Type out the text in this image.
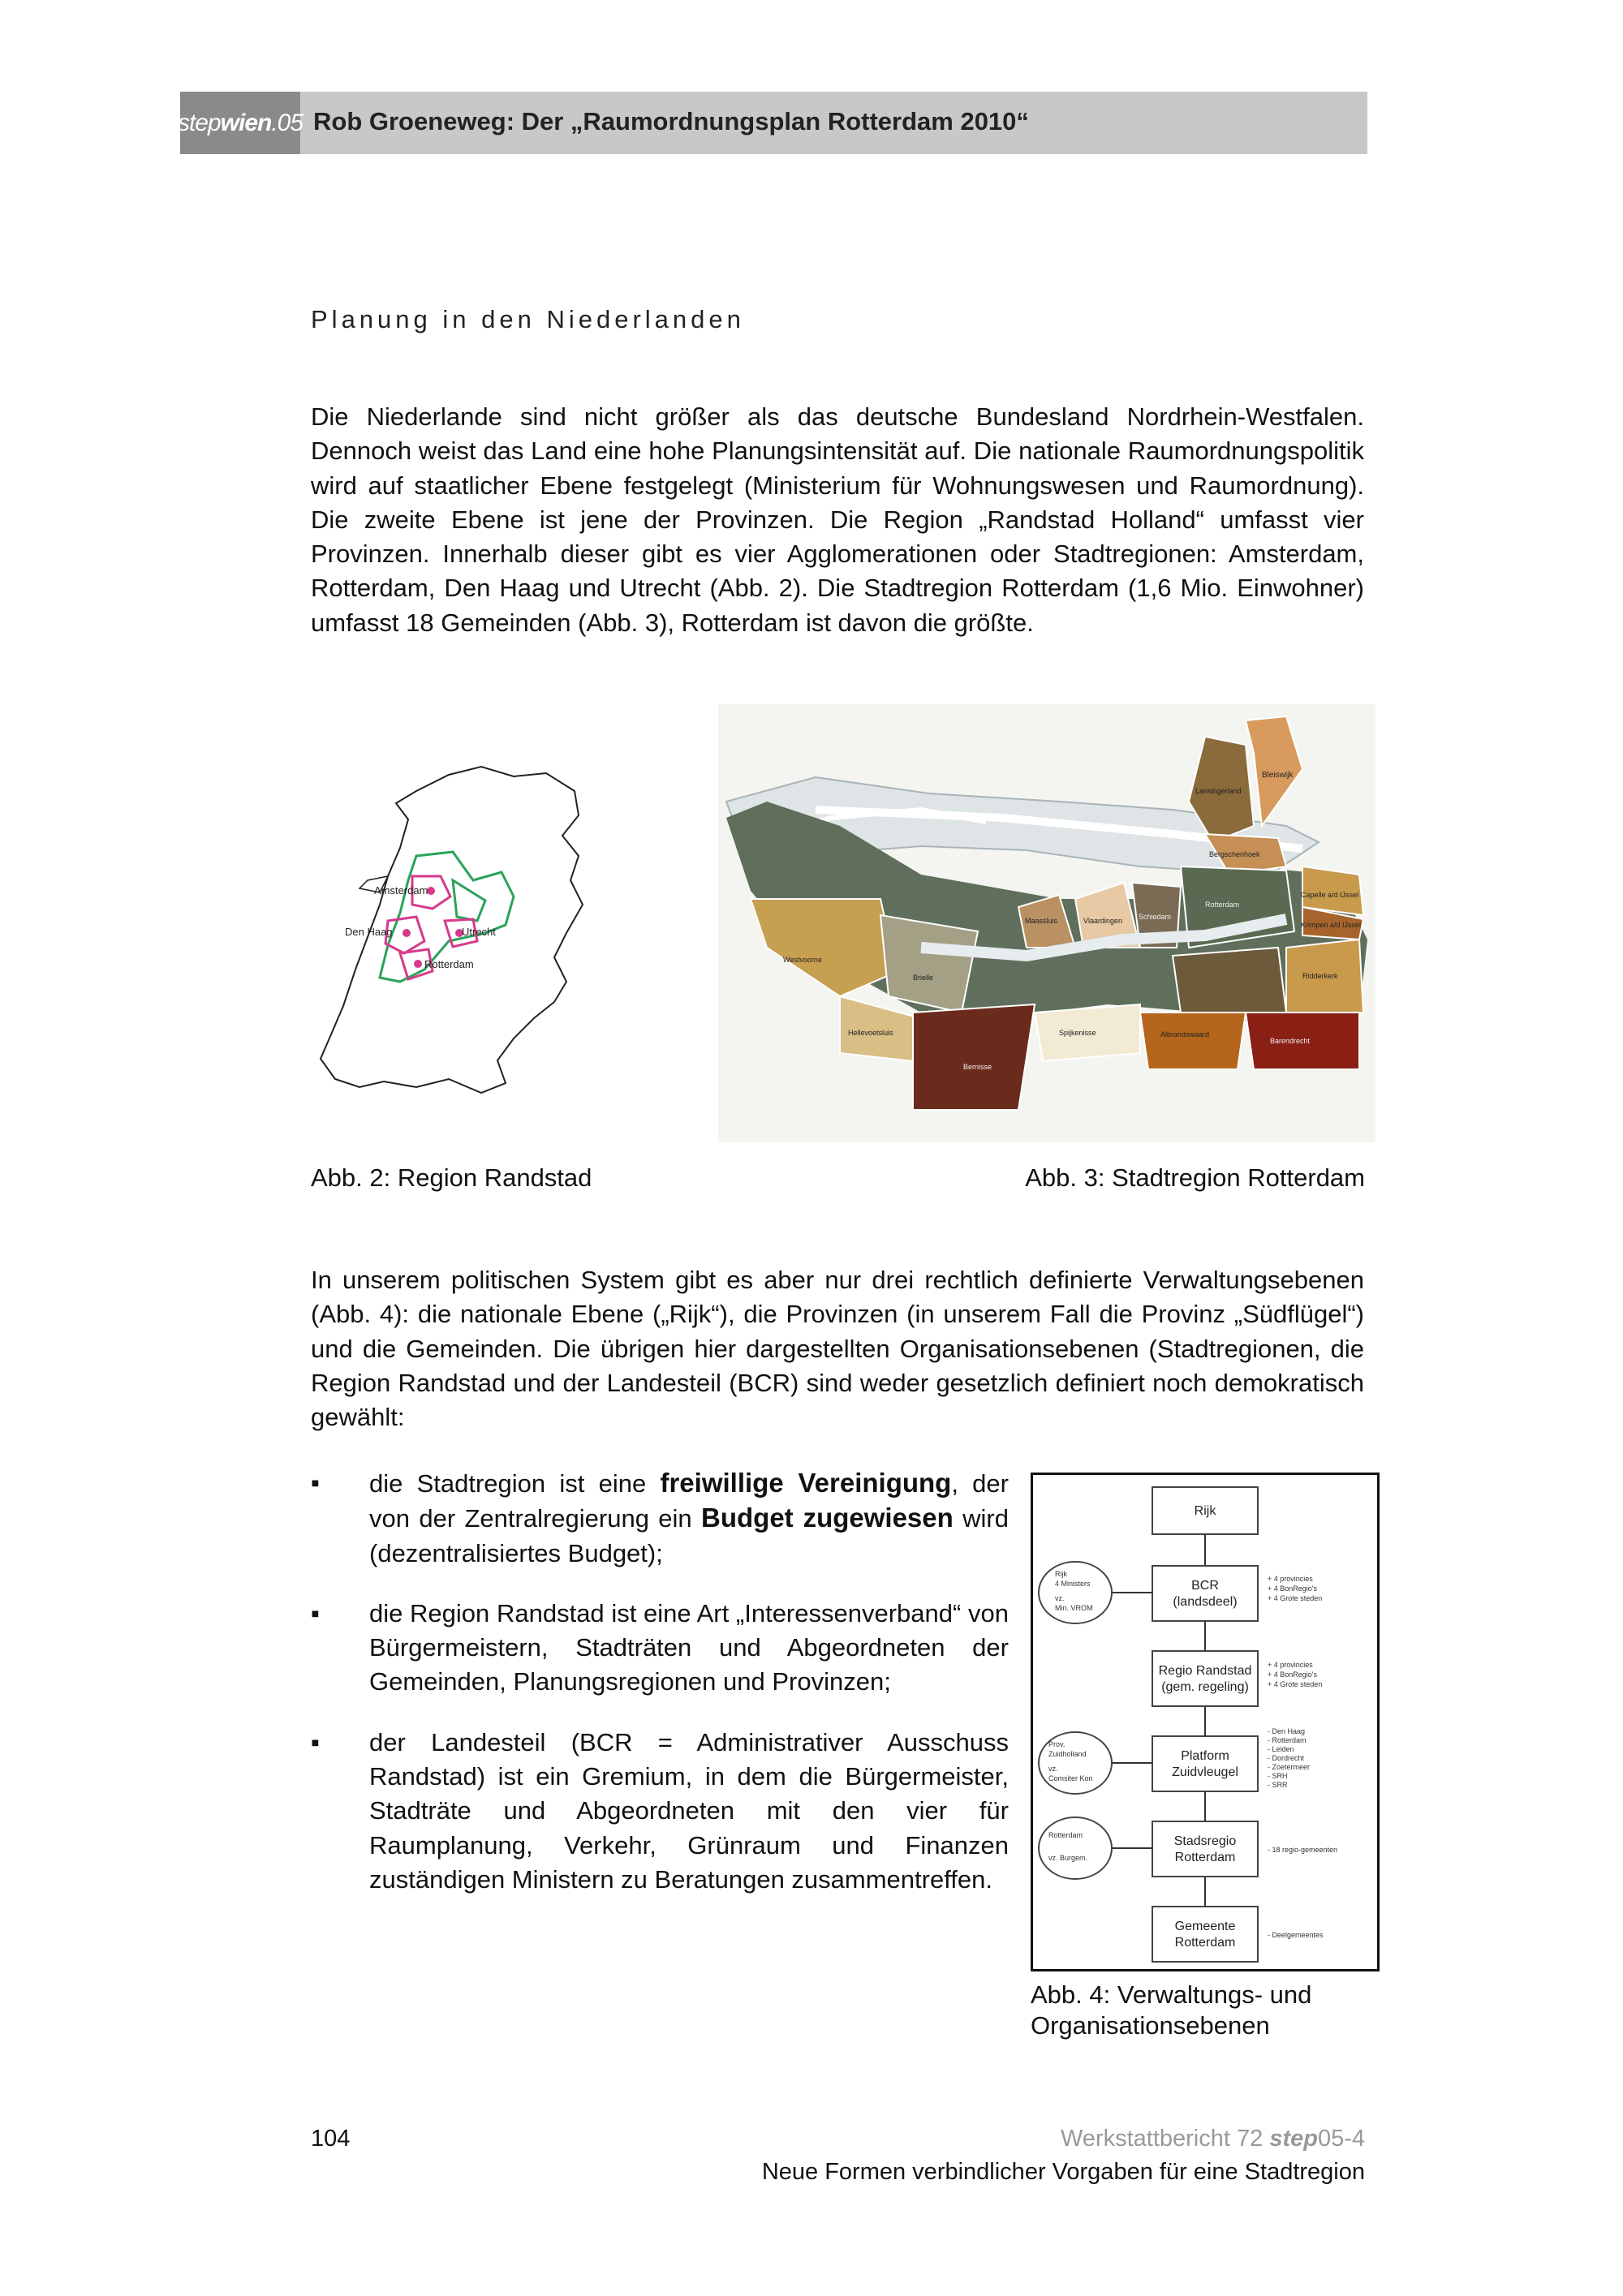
step wien .05 Rob Groeneweg: Der „Raumordnungsplan Rotterdam 2010“
Planung in den Niederlanden
Die Niederlande sind nicht größer als das deutsche Bundesland Nordrhein-Westfalen. Dennoch weist das Land eine hohe Planungsintensität auf. Die nationale Raumordnungspolitik wird auf staatlicher Ebene festgelegt (Ministerium für Wohnungswesen und Raumordnung). Die zweite Ebene ist jene der Provinzen. Die Region „Randstad Holland“ umfasst vier Provinzen. Innerhalb dieser gibt es vier Agglomerationen oder Stadtregionen: Amsterdam, Rotterdam, Den Haag und Utrecht (Abb. 2). Die Stadtregion Rotterdam (1,6 Mio. Einwohner) umfasst 18 Gemeinden (Abb. 3), Rotterdam ist davon die größte.
Amsterdam
Den Haag	Utrecht
Rotterdam
Bleiswijk
Lansingerland
Bergschenhoek
Capelle a/d IJssel
Krimpen a/d IJssel
Maassluis	Vlaardingen Schiedam
Rotterdam
Westvoorne
Brielle
Hellevoetsluis
Bernisse
Spijkenisse	Albrandswaard
Barendrecht
Ridderkerk
Abb. 2: Region Randstad	Abb. 3: Stadtregion Rotterdam
In unserem politischen System gibt es aber nur drei rechtlich definierte Verwaltungsebenen (Abb. 4): die nationale Ebene („Rijk“), die Provinzen (in unserem Fall die Provinz „Südflügel“) und die Gemeinden. Die übrigen hier dargestellten Organisationsebenen (Stadtregionen, die Region Randstad und der Landesteil (BCR) sind weder gesetzlich definiert noch demokratisch gewählt:
▪ die Stadtregion ist eine freiwillige Vereinigung, der von der Zentralregierung ein Budget zugewiesen wird (dezentralisiertes Budget);
▪ die Region Randstad ist eine Art „Interessenverband“ von Bürgermeistern, Stadträten und Abgeordneten der Gemeinden, Planungsregionen und Provinzen;
▪ der Landesteil (BCR = Administrativer Ausschuss Randstad) ist ein Gremium, in dem die Bürgermeister, Stadträte und Abgeordneten mit den vier für Raumplanung, Verkehr, Grünraum und Finanzen zuständigen Ministern zu Beratungen zusammentreffen.
Rijk
BCR
(landsdeel)
Regio Randstad
(gem. regeling)
Platform
Zuidvleugel
Stadsregio
Rotterdam
Gemeente
Rotterdam
Rijk
4 Ministers
vz.
Min. VROM
Prov.
Zuidholland
vz.
Comsiter Kon
Rotterdam
vz. Burgem.
+ 4 provincies
+ 4 BonRegio's
+ 4 Grote steden
+ 4 provincies
+ 4 BonRegio's
+ 4 Grote steden
- Den Haag
- Rotterdam
- Leiden
- Dordrecht
- Zoetermeer
- SRH
- SRR
- 18 regio-gemeenten
- Deelgemeentes
Abb. 4: Verwaltungs- und Organisationsebenen
104	Werkstattbericht 72 step05-4
Neue Formen verbindlicher Vorgaben für eine Stadtregion
